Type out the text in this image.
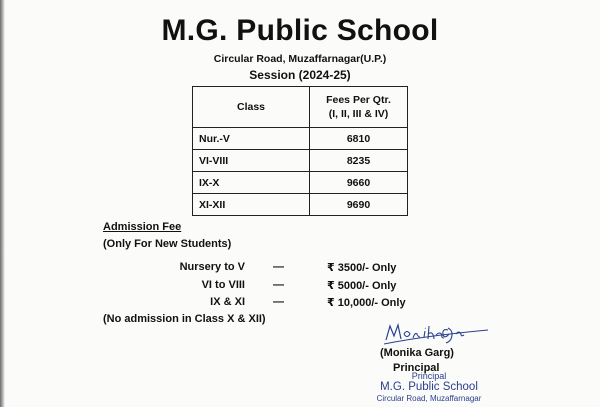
M.G. Public School
Circular Road, Muzaffarnagar(U.P.)
Session (2024-25)
Class	Fees Per Qtr.
(I, II, III & IV)
Nur.-V	6810
VI-VIII	8235
IX-X	9660
XI-XII	9690
Admission Fee
(Only For New Students)
Nursery to V	—	₹ 3500/- Only
VI to VIII	—	₹ 5000/- Only
IX & XI	—	₹ 10,000/- Only
(No admission in Class X & XII)
(Monika Garg)
Principal
Principal
M.G. Public School
Circular Road, Muzaffarnagar
